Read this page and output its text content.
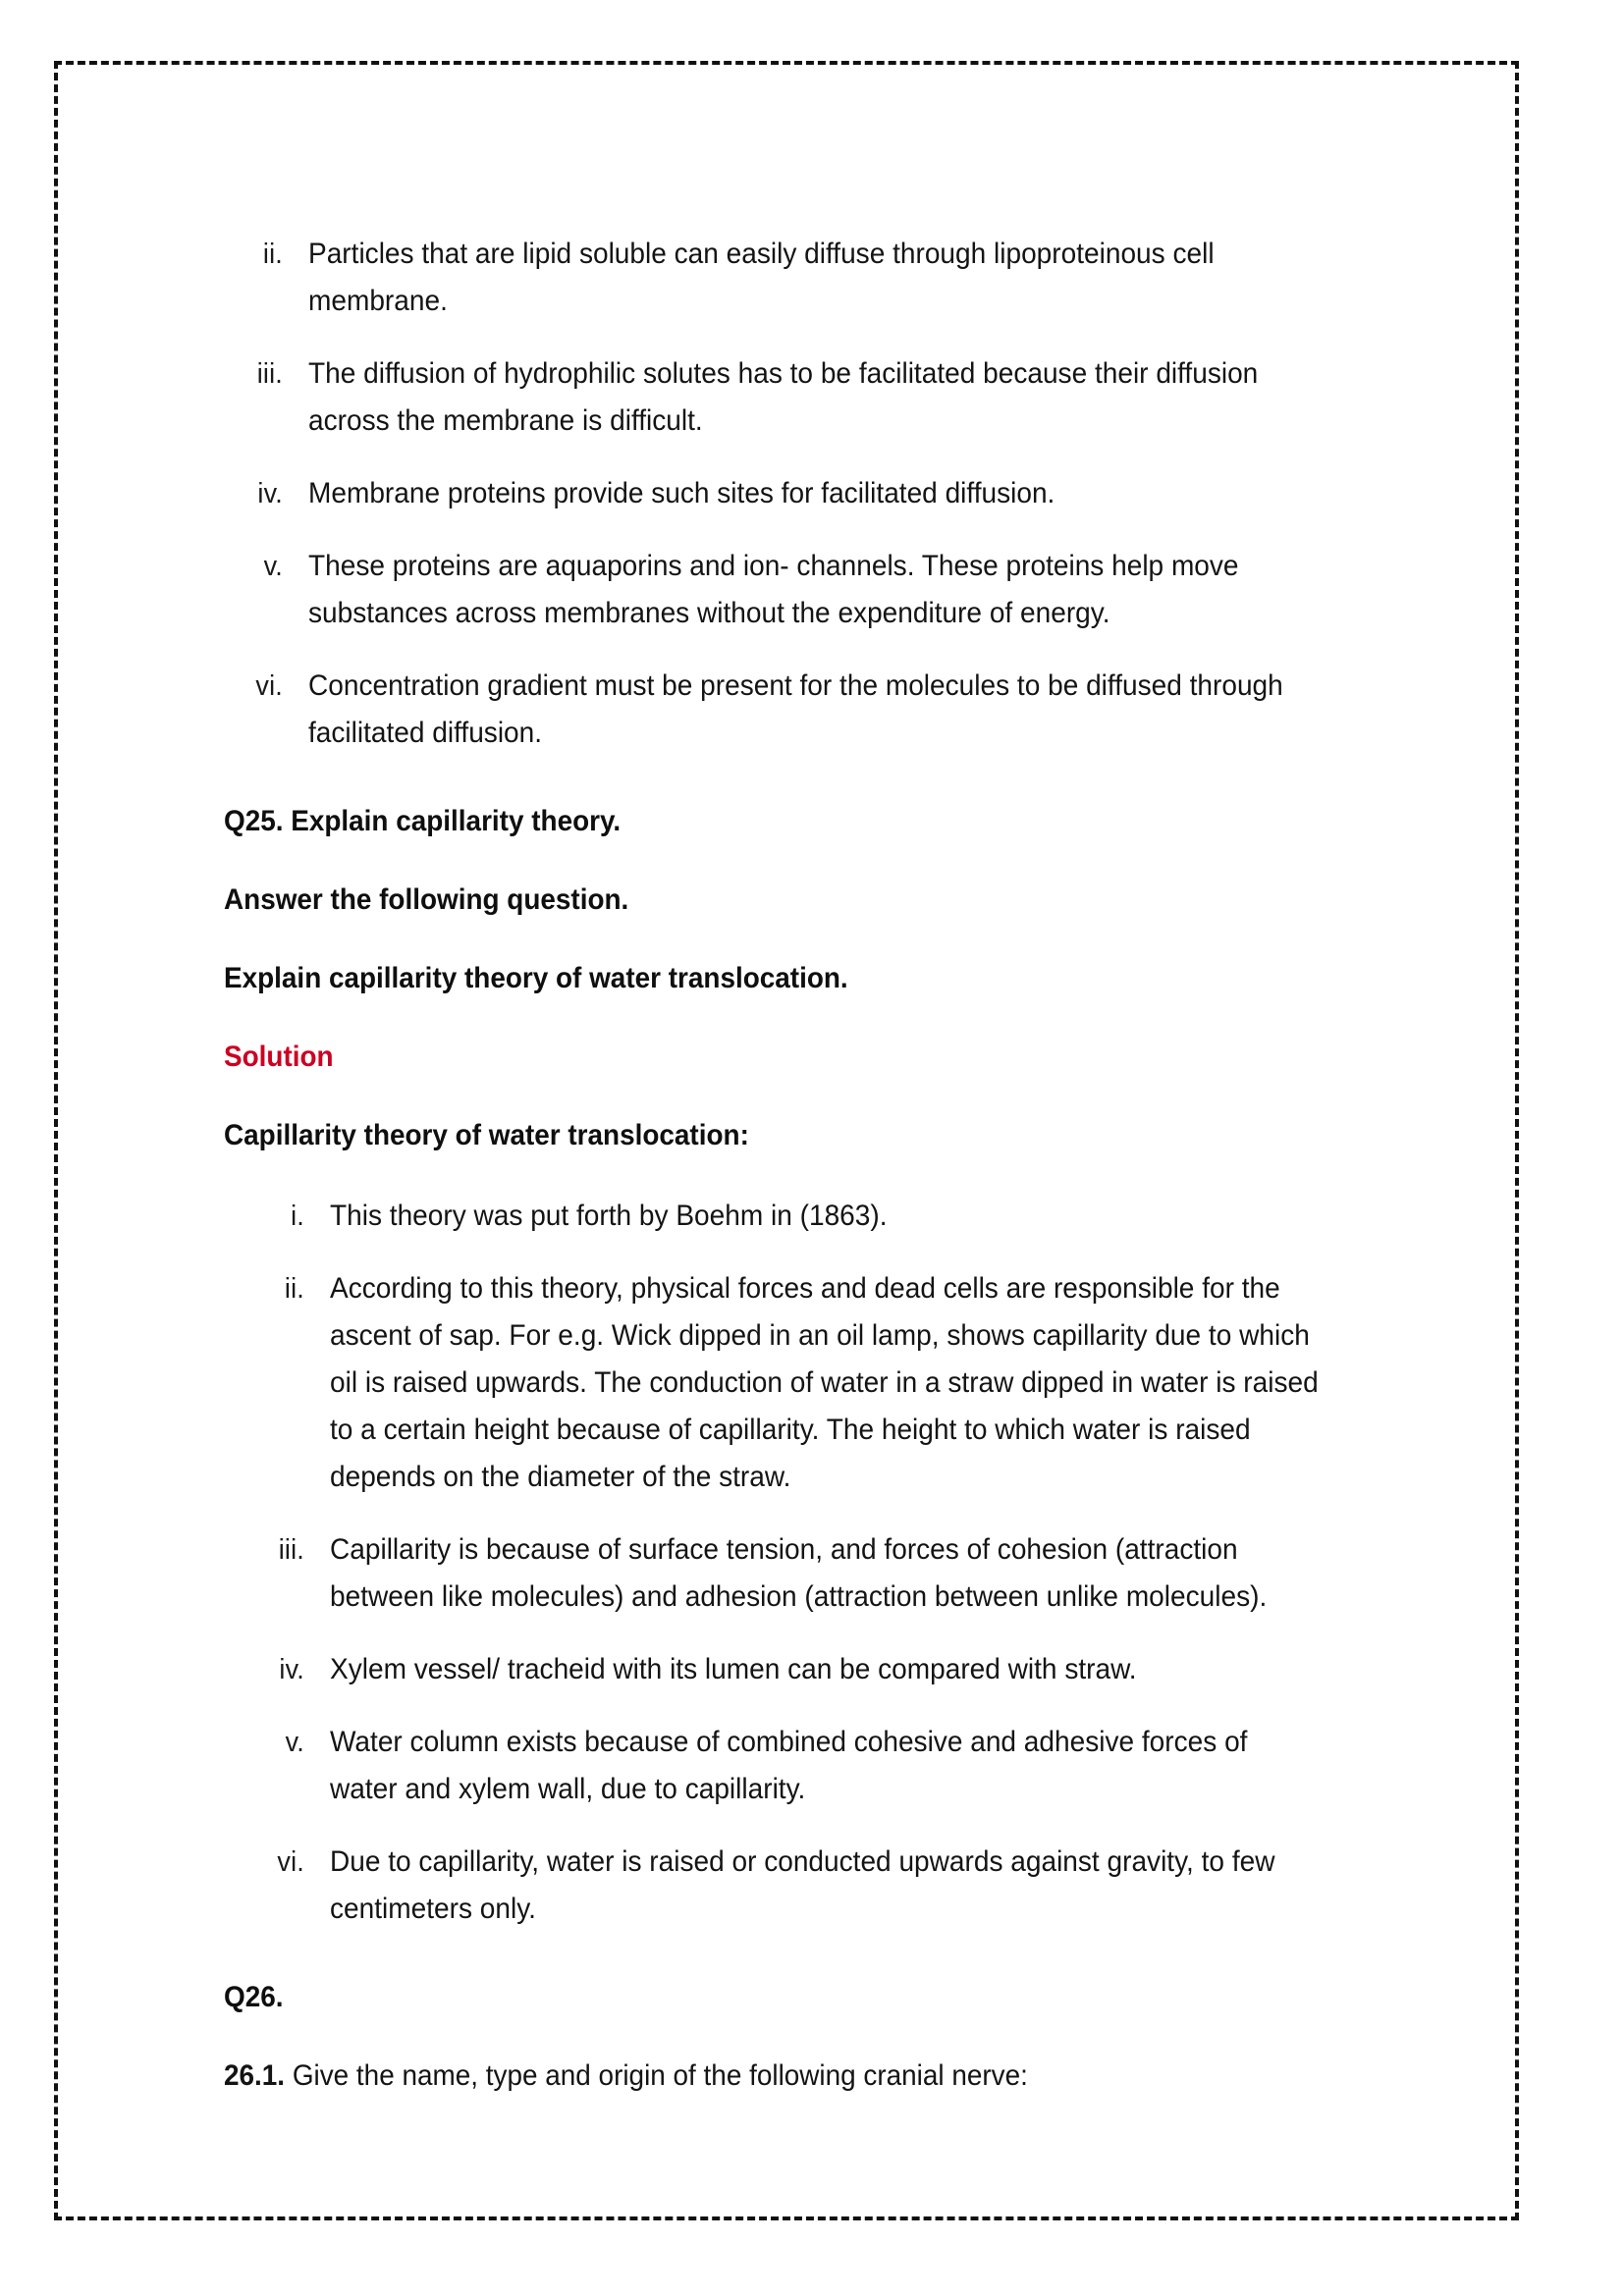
ii. Particles that are lipid soluble can easily diffuse through lipoproteinous cell membrane.
iii. The diffusion of hydrophilic solutes has to be facilitated because their diffusion across the membrane is difficult.
iv. Membrane proteins provide such sites for facilitated diffusion.
v. These proteins are aquaporins and ion- channels. These proteins help move substances across membranes without the expenditure of energy.
vi. Concentration gradient must be present for the molecules to be diffused through facilitated diffusion.

Q25. Explain capillarity theory.

Answer the following question.

Explain capillarity theory of water translocation.

Solution

Capillarity theory of water translocation:

i. This theory was put forth by Boehm in (1863).
ii. According to this theory, physical forces and dead cells are responsible for the ascent of sap. For e.g. Wick dipped in an oil lamp, shows capillarity due to which oil is raised upwards. The conduction of water in a straw dipped in water is raised to a certain height because of capillarity. The height to which water is raised depends on the diameter of the straw.
iii. Capillarity is because of surface tension, and forces of cohesion (attraction between like molecules) and adhesion (attraction between unlike molecules).
iv. Xylem vessel/ tracheid with its lumen can be compared with straw.
v. Water column exists because of combined cohesive and adhesive forces of water and xylem wall, due to capillarity.
vi. Due to capillarity, water is raised or conducted upwards against gravity, to few centimeters only.

Q26.

26.1. Give the name, type and origin of the following cranial nerve:
